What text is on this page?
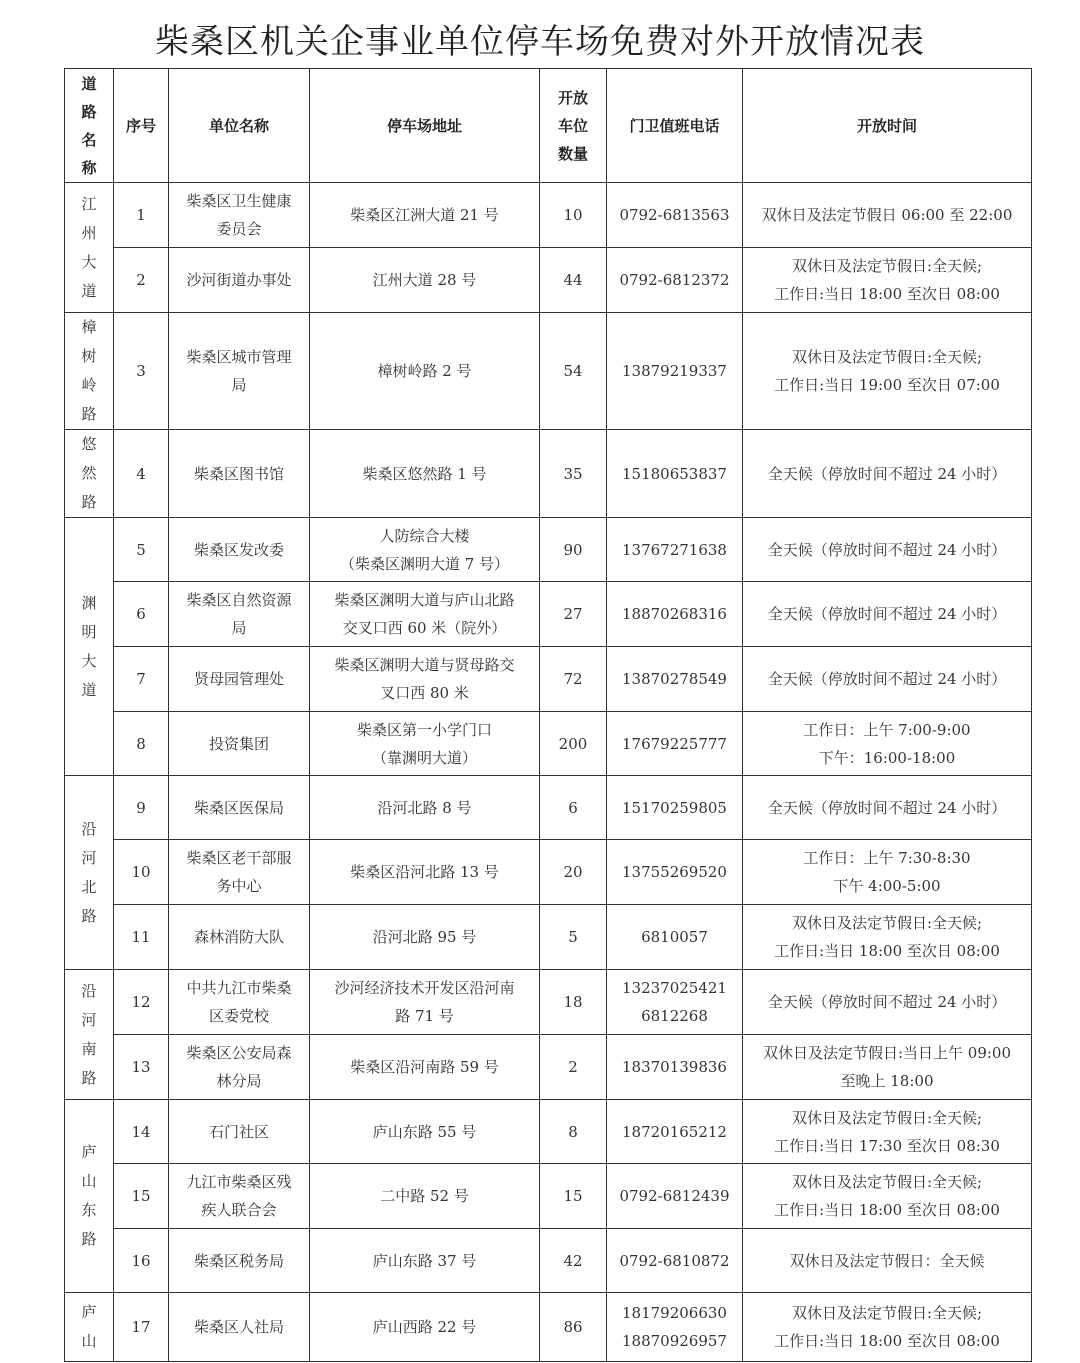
柴桑区机关企事业单位停车场免费对外开放情况表
道
路
名
称	序号	单位名称	停车场地址	开放
车位
数量	门卫值班电话	开放时间
江
州
大
道	1	柴桑区卫生健康
委员会	柴桑区江洲大道 21 号	10	0792-6813563	双休日及法定节假日 06:00 至 22:00
	2	沙河街道办事处	江州大道 28 号	44	0792-6812372	双休日及法定节假日:全天候;
工作日:当日 18:00 至次日 08:00
樟
树
岭
路	3	柴桑区城市管理
局	樟树岭路 2 号	54	13879219337	双休日及法定节假日:全天候;
工作日:当日 19:00 至次日 07:00
悠
然
路	4	柴桑区图书馆	柴桑区悠然路 1 号	35	15180653837	全天候（停放时间不超过 24 小时）
渊
明
大
道	5	柴桑区发改委	人防综合大楼
（柴桑区渊明大道 7 号）	90	13767271638	全天候（停放时间不超过 24 小时）
	6	柴桑区自然资源
局	柴桑区渊明大道与庐山北路
交叉口西 60 米（院外）	27	18870268316	全天候（停放时间不超过 24 小时）
	7	贤母园管理处	柴桑区渊明大道与贤母路交
叉口西 80 米	72	13870278549	全天候（停放时间不超过 24 小时）
	8	投资集团	柴桑区第一小学门口
（靠渊明大道）	200	17679225777	工作日：上午 7:00-9:00
下午：16:00-18:00
沿
河
北
路	9	柴桑区医保局	沿河北路 8 号	6	15170259805	全天候（停放时间不超过 24 小时）
	10	柴桑区老干部服
务中心	柴桑区沿河北路 13 号	20	13755269520	工作日：上午 7:30-8:30
下午 4:00-5:00
	11	森林消防大队	沿河北路 95 号	5	6810057	双休日及法定节假日:全天候;
工作日:当日 18:00 至次日 08:00
沿
河
南
路	12	中共九江市柴桑
区委党校	沙河经济技术开发区沿河南
路 71 号	18	13237025421
6812268	全天候（停放时间不超过 24 小时）
	13	柴桑区公安局森
林分局	柴桑区沿河南路 59 号	2	18370139836	双休日及法定节假日:当日上午 09:00
至晚上 18:00
庐
山
东
路	14	石门社区	庐山东路 55 号	8	18720165212	双休日及法定节假日:全天候;
工作日:当日 17:30 至次日 08:30
	15	九江市柴桑区残
疾人联合会	二中路 52 号	15	0792-6812439	双休日及法定节假日:全天候;
工作日:当日 18:00 至次日 08:00
	16	柴桑区税务局	庐山东路 37 号	42	0792-6810872	双休日及法定节假日：全天候
庐
山	17	柴桑区人社局	庐山西路 22 号	86	18179206630
18870926957	双休日及法定节假日:全天候;
工作日:当日 18:00 至次日 08:00
